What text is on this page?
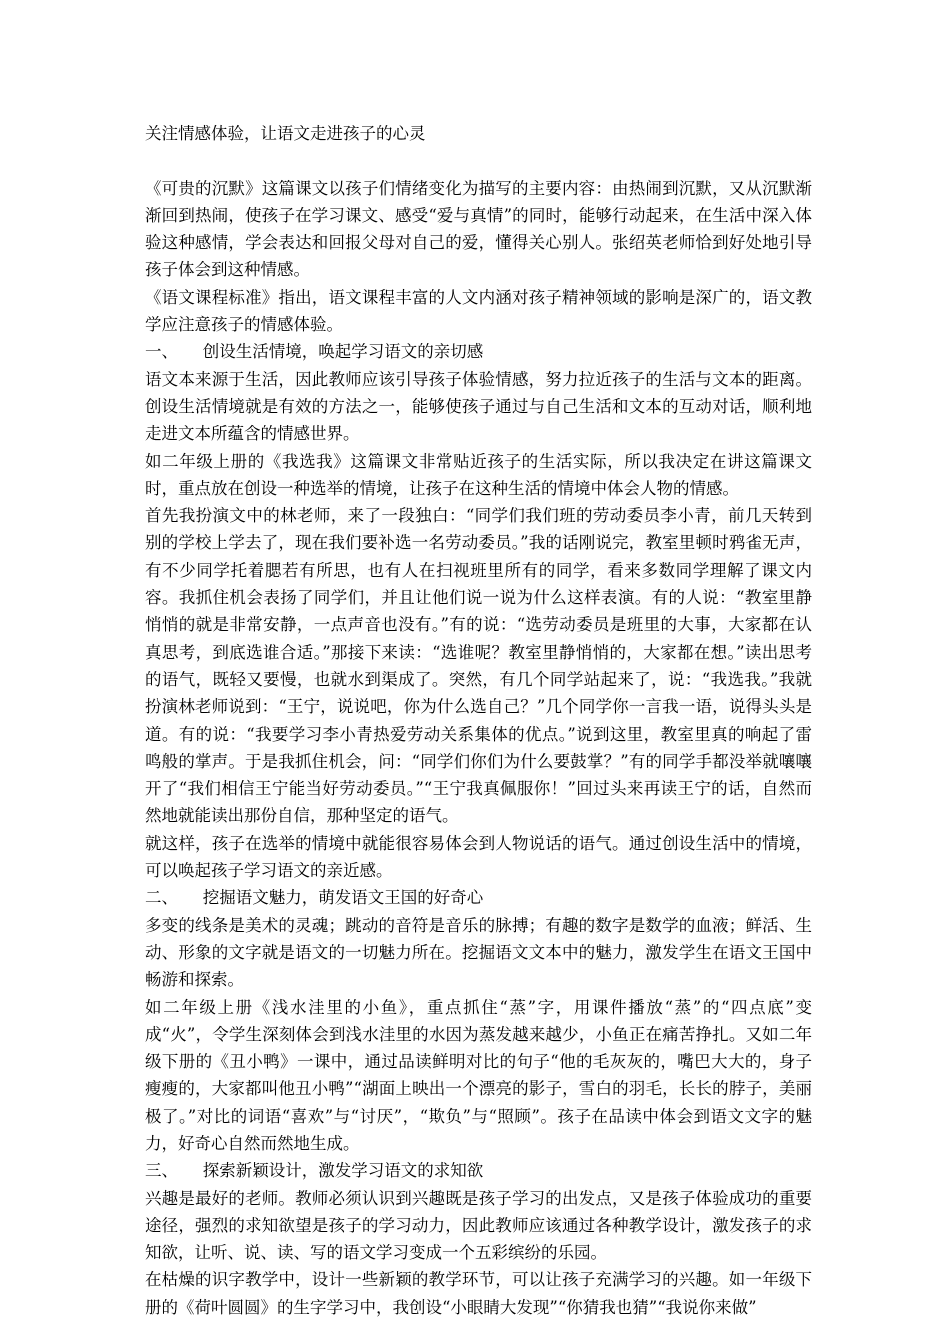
关注情感体验，让语文走进孩子的心灵

《可贵的沉默》这篇课文以孩子们情绪变化为描写的主要内容：由热闹到沉默，又从沉默渐渐回到热闹，使孩子在学习课文、感受“爱与真情”的同时，能够行动起来，在生活中深入体验这种感情，学会表达和回报父母对自己的爱，懂得关心别人。张绍英老师恰到好处地引导孩子体会到这种情感。

《语文课程标准》指出，语文课程丰富的人文内涵对孩子精神领域的影响是深广的，语文教学应注意孩子的情感体验。

一、　　创设生活情境，唤起学习语文的亲切感

语文本来源于生活，因此教师应该引导孩子体验情感，努力拉近孩子的生活与文本的距离。创设生活情境就是有效的方法之一，能够使孩子通过与自己生活和文本的互动对话，顺利地走进文本所蕴含的情感世界。

如二年级上册的《我选我》这篇课文非常贴近孩子的生活实际，所以我决定在讲这篇课文时，重点放在创设一种选举的情境，让孩子在这种生活的情境中体会人物的情感。

首先我扮演文中的林老师，来了一段独白：“同学们我们班的劳动委员李小青，前几天转到别的学校上学去了，现在我们要补选一名劳动委员。”我的话刚说完，教室里顿时鸦雀无声，有不少同学托着腮若有所思，也有人在扫视班里所有的同学，看来多数同学理解了课文内容。我抓住机会表扬了同学们，并且让他们说一说为什么这样表演。有的人说：“教室里静悄悄的就是非常安静，一点声音也没有。”有的说：“选劳动委员是班里的大事，大家都在认真思考，到底选谁合适。”那接下来读：“选谁呢？教室里静悄悄的，大家都在想。”读出思考的语气，既轻又要慢，也就水到渠成了。突然，有几个同学站起来了，说：“我选我。”我就扮演林老师说到：“王宁，说说吧，你为什么选自己？”几个同学你一言我一语，说得头头是道。有的说：“我要学习李小青热爱劳动关系集体的优点。”说到这里，教室里真的响起了雷鸣般的掌声。于是我抓住机会，问：“同学们你们为什么要鼓掌？”有的同学手都没举就嚷嚷开了“我们相信王宁能当好劳动委员。”“王宁我真佩服你！”回过头来再读王宁的话，自然而然地就能读出那份自信，那种坚定的语气。

就这样，孩子在选举的情境中就能很容易体会到人物说话的语气。通过创设生活中的情境，可以唤起孩子学习语文的亲近感。

二、　　挖掘语文魅力，萌发语文王国的好奇心

多变的线条是美术的灵魂；跳动的音符是音乐的脉搏；有趣的数字是数学的血液；鲜活、生动、形象的文字就是语文的一切魅力所在。挖掘语文文本中的魅力，激发学生在语文王国中畅游和探索。

如二年级上册《浅水洼里的小鱼》，重点抓住“蒸”字，用课件播放“蒸”的“四点底”变成“火”，令学生深刻体会到浅水洼里的水因为蒸发越来越少，小鱼正在痛苦挣扎。又如二年级下册的《丑小鸭》一课中，通过品读鲜明对比的句子“他的毛灰灰的，嘴巴大大的，身子瘦瘦的，大家都叫他丑小鸭”“湖面上映出一个漂亮的影子，雪白的羽毛，长长的脖子，美丽极了。”对比的词语“喜欢”与“讨厌”，“欺负”与“照顾”。孩子在品读中体会到语文文字的魅力，好奇心自然而然地生成。

三、　　探索新颖设计，激发学习语文的求知欲

兴趣是最好的老师。教师必须认识到兴趣既是孩子学习的出发点，又是孩子体验成功的重要途径，强烈的求知欲望是孩子的学习动力，因此教师应该通过各种教学设计，激发孩子的求知欲，让听、说、读、写的语文学习变成一个五彩缤纷的乐园。

在枯燥的识字教学中，设计一些新颖的教学环节，可以让孩子充满学习的兴趣。如一年级下册的《荷叶圆圆》的生字学习中，我创设“小眼睛大发现”“你猜我也猜”“我说你来做”
